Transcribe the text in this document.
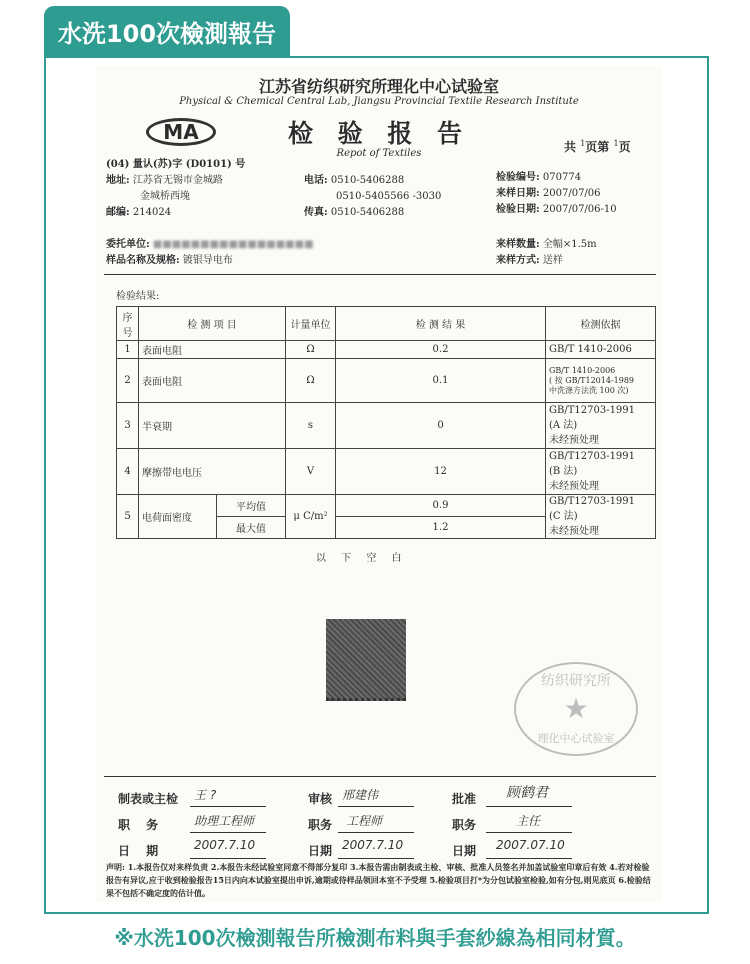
水洗100次檢測報告
江苏省纺织研究所理化中心试验室
Physical & Chemical Central Lab, Jiangsu Provincial Textile Research Institute
MA	检 验 报 告
Repot of Textiles	共 $^1$页第 $^1$页
(04) 量认(苏)字 (D0101) 号
地址: 江苏省无锡市金城路
金城桥西堍
邮编: 214024
电话: 0510-5406288
0510-5405566 -3030
传真: 0510-5406288
检验编号: 070774
来样日期: 2007/07/06
检验日期: 2007/07/06-10
委托单位: ■■■■■■■■■■■■■■■■■
样品名称及规格: 镀银导电布
来样数量: 全幅×1.5m
来样方式: 送样
检验结果:
序号	检 测 项 目		计量单位	检 测 结 果	检测依据
1	表面电阻		Ω	0.2	GB/T 1410-2006
2	表面电阻		Ω	0.1	GB/T 1410-2006
( 按 GB/T12014-1989
中洗涤方法洗 100 次)

3	半衰期		s	0	GB/T12703-1991
(A 法)
未经预处理

4	摩擦带电电压		V	12	GB/T12703-1991
(B 法)
未经预处理

5	电荷面密度	平均值	μ C/m²	0.9	GB/T12703-1991
(C 法)
未经预处理

		最大值		1.2	
以 下 空 白
纺织研究所
★
理化中心试验室
制表或主检 王 ?	审核 邢建伟	批准 顾鹤君
职 务 助理工程师	职务 工程师	职务	主任
日 期 2007.7.10	日期 2007.7.10	日期 2007.07.10
声明: 1.本报告仅对来样负责 2.本报告未经试验室同意不得部分复印 3.本报告需由制表或主检、审核、批准人员签名并加盖试验室印章后有效 4.若对检验报告有异议,应于收到检验报告15日内向本试验室提出申诉,逾期或待样品领回本室不予受理 5.检验项目打*为分包试验室检验,如有分包,则见底页 6.检验结果不包括不确定度的估计值。
※水洗100次檢測報告所檢測布料與手套紗線為相同材質。
